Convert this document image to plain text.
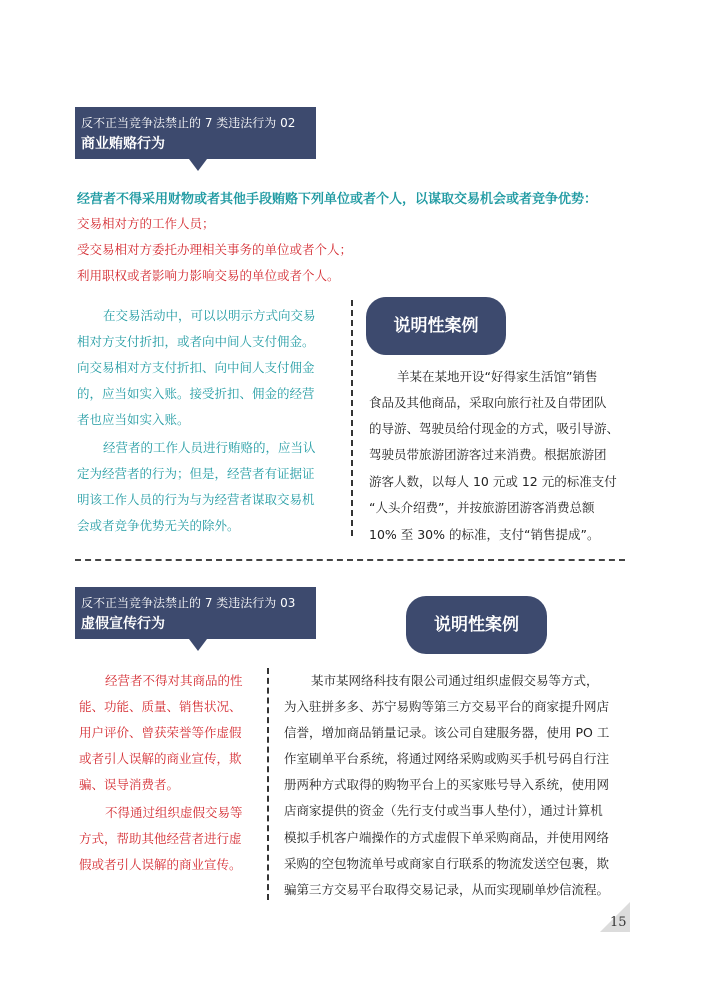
反不正当竞争法禁止的 7 类违法行为 02
商业贿赂行为
经营者不得采用财物或者其他手段贿赂下列单位或者个人，以谋取交易机会或者竞争优势：
交易相对方的工作人员；
受交易相对方委托办理相关事务的单位或者个人；
利用职权或者影响力影响交易的单位或者个人。
在交易活动中，可以以明示方式向交易
相对方支付折扣，或者向中间人支付佣金。
向交易相对方支付折扣、向中间人支付佣金
的，应当如实入账。接受折扣、佣金的经营
者也应当如实入账。
经营者的工作人员进行贿赂的，应当认
定为经营者的行为；但是，经营者有证据证
明该工作人员的行为与为经营者谋取交易机
会或者竞争优势无关的除外。
说明性案例
羊某在某地开设“好得家生活馆”销售
食品及其他商品，采取向旅行社及自带团队
的导游、驾驶员给付现金的方式，吸引导游、
驾驶员带旅游团游客过来消费。根据旅游团
游客人数，以每人 10 元或 12 元的标准支付
“人头介绍费”，并按旅游团游客消费总额
10% 至 30% 的标准，支付“销售提成”。
反不正当竞争法禁止的 7 类违法行为 03
虚假宣传行为	说明性案例
经营者不得对其商品的性
能、功能、质量、销售状况、
用户评价、曾获荣誉等作虚假
或者引人误解的商业宣传，欺
骗、误导消费者。
不得通过组织虚假交易等
方式，帮助其他经营者进行虚
假或者引人误解的商业宣传。
某市某网络科技有限公司通过组织虚假交易等方式，
为入驻拼多多、苏宁易购等第三方交易平台的商家提升网店
信誉，增加商品销量记录。该公司自建服务器，使用 PO 工
作室刷单平台系统，将通过网络采购或购买手机号码自行注
册两种方式取得的购物平台上的买家账号导入系统，使用网
店商家提供的资金（先行支付或当事人垫付），通过计算机
模拟手机客户端操作的方式虚假下单采购商品，并使用网络
采购的空包物流单号或商家自行联系的物流发送空包裹，欺
骗第三方交易平台取得交易记录，从而实现刷单炒信流程。
15
